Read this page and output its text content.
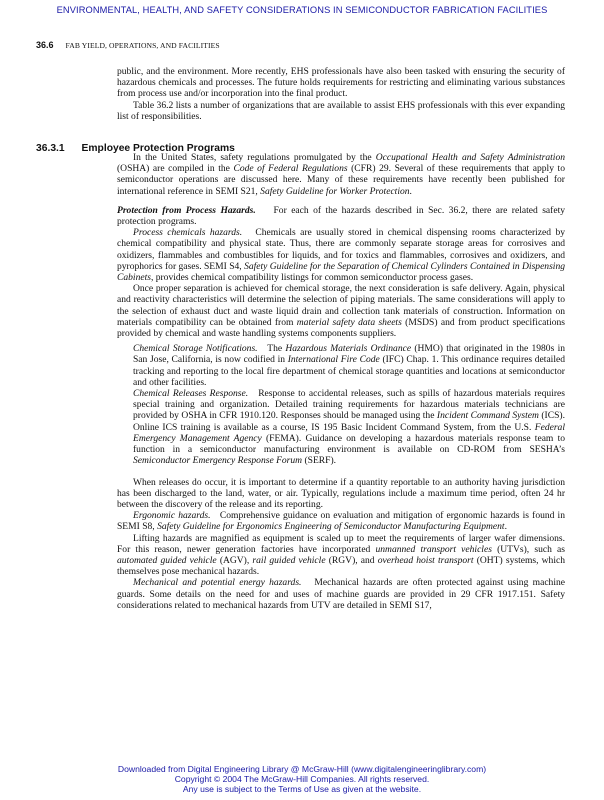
ENVIRONMENTAL, HEALTH, AND SAFETY CONSIDERATIONS IN SEMICONDUCTOR FABRICATION FACILITIES
36.6 FAB YIELD, OPERATIONS, AND FACILITIES
36.3.1 Employee Protection Programs

public, and the environment. More recently, EHS professionals have also been tasked with ensuring the security of hazardous chemicals and processes. The future holds requirements for restricting and eliminating various substances from process use and/or incorporation into the final product.

Table 36.2 lists a number of organizations that are available to assist EHS professionals with this ever expanding list of responsibilities.

In the United States, safety regulations promulgated by the Occupational Health and Safety Administration (OSHA) are compiled in the Code of Federal Regulations (CFR) 29. Several of these requirements that apply to semiconductor operations are discussed here. Many of these requirements have recently been published for international reference in SEMI S21, Safety Guideline for Worker Protection.

Protection from Process Hazards. For each of the hazards described in Sec. 36.2, there are related safety protection programs.

Process chemicals hazards. Chemicals are usually stored in chemical dispensing rooms characterized by chemical compatibility and physical state. Thus, there are commonly separate storage areas for corrosives and oxidizers, flammables and combustibles for liquids, and for toxics and flammables, corrosives and oxidizers, and pyrophorics for gases. SEMI S4, Safety Guideline for the Separation of Chemical Cylinders Contained in Dispensing Cabinets, provides chemical compatibility listings for common semiconductor process gases.

Once proper separation is achieved for chemical storage, the next consideration is safe delivery. Again, physical and reactivity characteristics will determine the selection of piping materials. The same considerations will apply to the selection of exhaust duct and waste liquid drain and collection tank materials of construction. Information on materials compatibility can be obtained from material safety data sheets (MSDS) and from product specifications provided by chemical and waste handling systems components suppliers.

Chemical Storage Notifications. The Hazardous Materials Ordinance (HMO) that originated in the 1980s in San Jose, California, is now codified in International Fire Code (IFC) Chap. 1. This ordinance requires detailed tracking and reporting to the local fire department of chemical storage quantities and locations at semiconductor and other facilities.

Chemical Releases Response. Response to accidental releases, such as spills of hazardous materials requires special training and organization. Detailed training requirements for hazardous materials technicians are provided by OSHA in CFR 1910.120. Responses should be managed using the Incident Command System (ICS). Online ICS training is available as a course, IS 195 Basic Incident Command System, from the U.S. Federal Emergency Management Agency (FEMA). Guidance on developing a hazardous materials response team to function in a semiconductor manufacturing environment is available on CD-ROM from SESHA’s Semiconductor Emergency Response Forum (SERF).

When releases do occur, it is important to determine if a quantity reportable to an authority having jurisdiction has been discharged to the land, water, or air. Typically, regulations include a maximum time period, often 24 hr between the discovery of the release and its reporting.

Ergonomic hazards. Comprehensive guidance on evaluation and mitigation of ergonomic hazards is found in SEMI S8, Safety Guideline for Ergonomics Engineering of Semiconductor Manufacturing Equipment.

Lifting hazards are magnified as equipment is scaled up to meet the requirements of larger wafer dimensions. For this reason, newer generation factories have incorporated unmanned transport vehicles (UTVs), such as automated guided vehicle (AGV), rail guided vehicle (RGV), and overhead hoist transport (OHT) systems, which themselves pose mechanical hazards.

Mechanical and potential energy hazards. Mechanical hazards are often protected against using machine guards. Some details on the need for and uses of machine guards are provided in 29 CFR 1917.151. Safety considerations related to mechanical hazards from UTV are detailed in SEMI S17,

Downloaded from Digital Engineering Library @ McGraw-Hill (www.digitalengineeringlibrary.com)
Copyright © 2004 The McGraw-Hill Companies. All rights reserved.
Any use is subject to the Terms of Use as given at the website.
